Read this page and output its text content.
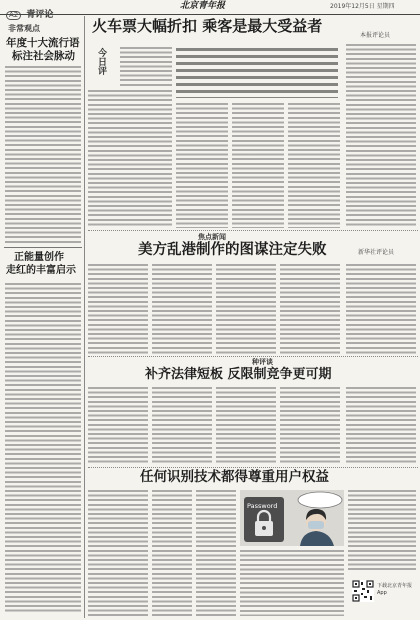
A2 青评论
北京青年报	2019年12月5日 星期四
非常观点
年度十大流行语
标注社会脉动
正能量创作
走红的丰富启示
火车票大幅折扣 乘客是最大受益者
本报评论员
今日评
焦点新闻
美方乱港制作的图谋注定失败	新华社评论员
种评谈
补齐法律短板 反限制竞争更可期
任何识别技术都得尊重用户权益
Password
下载北京青年报App
